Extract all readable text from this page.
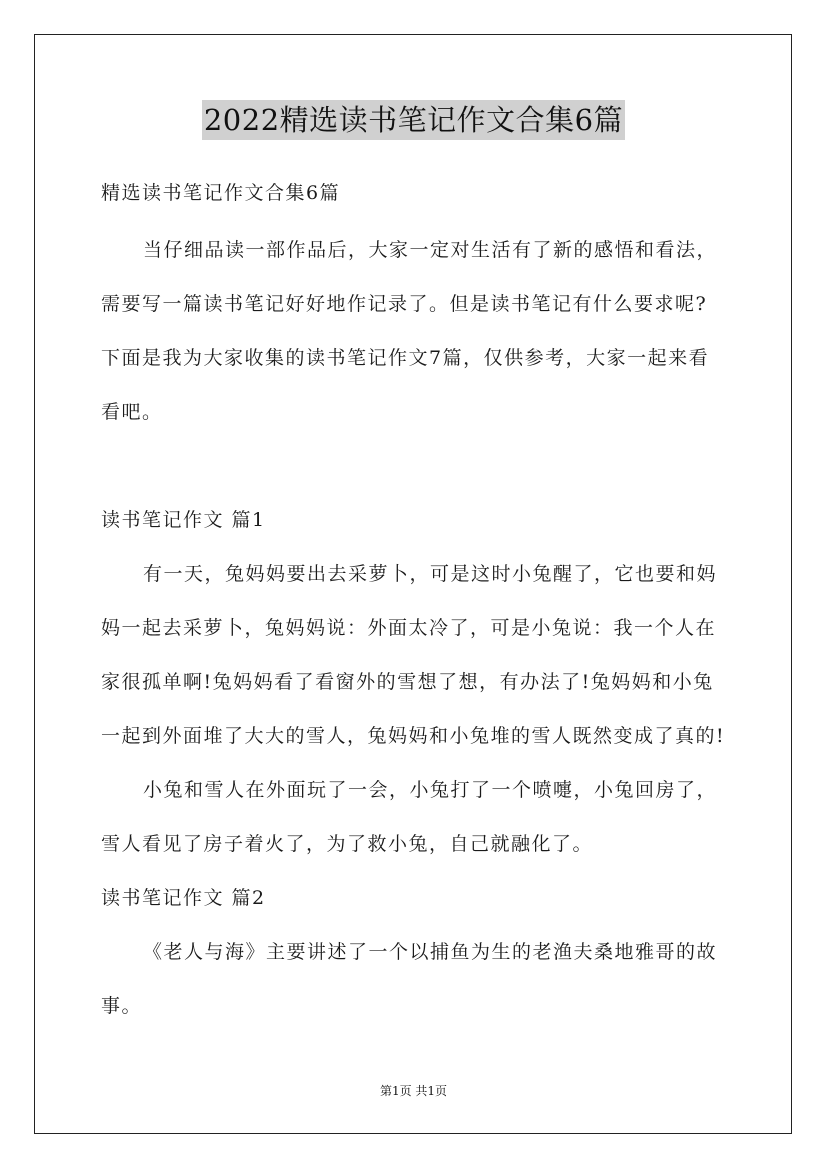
2022精选读书笔记作文合集6篇
精选读书笔记作文合集6篇
当仔细品读一部作品后，大家一定对生活有了新的感悟和看法，
需要写一篇读书笔记好好地作记录了。但是读书笔记有什么要求呢?
下面是我为大家收集的读书笔记作文7篇，仅供参考，大家一起来看
看吧。
读书笔记作文 篇1
有一天，兔妈妈要出去采萝卜，可是这时小兔醒了，它也要和妈
妈一起去采萝卜，兔妈妈说：外面太冷了，可是小兔说：我一个人在
家很孤单啊!兔妈妈看了看窗外的雪想了想，有办法了!兔妈妈和小兔
一起到外面堆了大大的雪人，兔妈妈和小兔堆的雪人既然变成了真的!
小兔和雪人在外面玩了一会，小兔打了一个喷嚏，小兔回房了，
雪人看见了房子着火了，为了救小兔，自己就融化了。
读书笔记作文 篇2
《老人与海》主要讲述了一个以捕鱼为生的老渔夫桑地雅哥的故
事。
第1页 共1页
